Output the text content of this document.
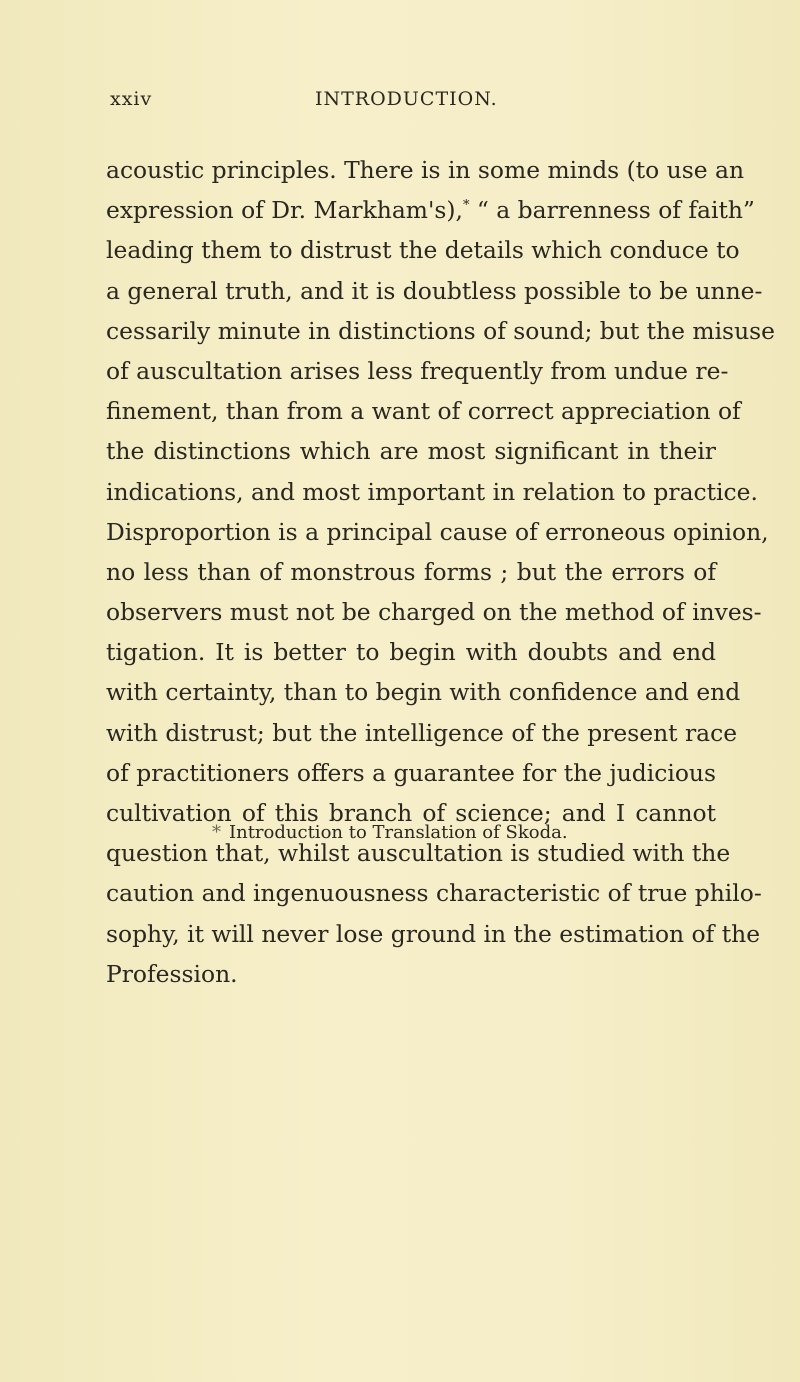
xxiv	INTRODUCTION.
acoustic principles. There is in some minds (to use an
expression of Dr. Markham's),* “ a barrenness of faith”
leading them to distrust the details which conduce to
a general truth, and it is doubtless possible to be unne-
cessarily minute in distinctions of sound; but the misuse
of auscultation arises less frequently from undue re-
finement, than from a want of correct appreciation of
the distinctions which are most significant in their
indications, and most important in relation to practice.
Disproportion is a principal cause of erroneous opinion,
no less than of monstrous forms ; but the errors of
observers must not be charged on the method of inves-
tigation. It is better to begin with doubts and end
with certainty, than to begin with confidence and end
with distrust; but the intelligence of the present race
of practitioners offers a guarantee for the judicious
cultivation of this branch of science; and I cannot
question that, whilst auscultation is studied with the
caution and ingenuousness characteristic of true philo-
sophy, it will never lose ground in the estimation of the
Profession.
* Introduction to Translation of Skoda.
